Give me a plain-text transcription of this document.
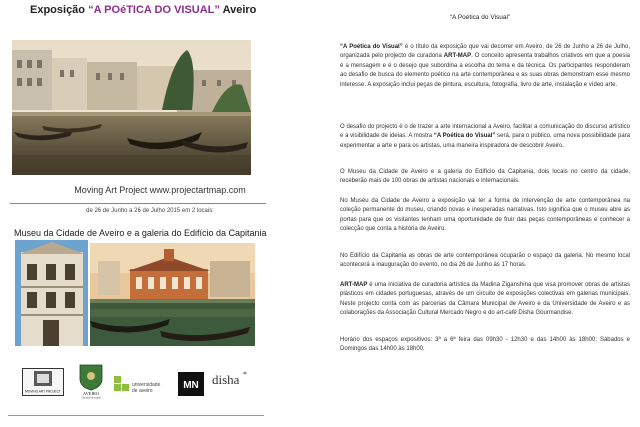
Exposição “A POéTICA DO VISUAL” Aveiro
Moving Art Project www.projectartmap.com
de 26 de Junho a 26 de Julho 2015 em 2 locais:
Museu da Cidade de Aveiro e a galeria do Edifício da Capitania
MOVING ART PROJECT	AVEIRO
Câmara Municipal
universidade
de aveiro	MN disha *
“A Poética do Visual”

“A Poética do Visual” é o título da exposição que vai decorrer em Aveiro, de 26 de Junho a 26 de Julho, organizada pelo projecto de curadoria ART-MAP. O conceito apresenta trabalhos criativos em que a poesia é a mensagem e é o desejo que subordina a escolha do tema e da técnica. Os participantes responderam ao desafio de busca do elemento poético na arte contemporânea e as suas obras demonstram esse mesmo interesse. A exposição inclui peças de pintura, escultura, fotografia, livro de arte, instalação e vídeo arte.

O desafio do projecto é o de trazer a arte internacional a Aveiro, facilitar a comunicação do discurso artístico e a visibilidade de ideias. A mostra “A Poética do Visual” será, para o público, uma nova possibilidade para experimentar a arte e para os artistas, uma maneira inspiradora de descobrir Aveiro.

O Museu da Cidade de Aveiro e a galeria do Edifício da Capitania, dois locais no centro da cidade, receberão mais de 100 obras de artistas nacionais e internacionais.

No Museu da Cidade de Aveiro a exposição vai ter a forma de intervenção de arte contemporânea na coleção permanente do museu, criando novas e inesperadas narrativas. Isto significa que o museu abre as portas para que os visitantes tenham uma oportunidade de fruir das peças contemporâneas e conhecer a colecção que conta a história de Aveiro.

No Edifício da Capitania as obras de arte contemporânea ocuparão o espaço da galeria. No mesmo local acontecerá a inauguração do evento, no dia 26 de Junho às 17 horas.

ART-MAP é uma iniciativa de curadoria artística da Madina Ziganshina que visa promover obras de artistas plásticos em cidades portuguesas, através de um circuito de exposições colectivas em galerias municipais. Neste projecto conta com as parcerias da Câmara Municipal de Aveiro e da Universidade de Aveiro e as colaborações da Associação Cultural Mercado Negro e do art-café Disha Gourmandise.

Horário dos espaços expositivos: 3ª a 6ª feira das 09h30 - 12h30 e das 14h00 às 18h00; Sábados e Domingos das 14h00 às 18h00.
